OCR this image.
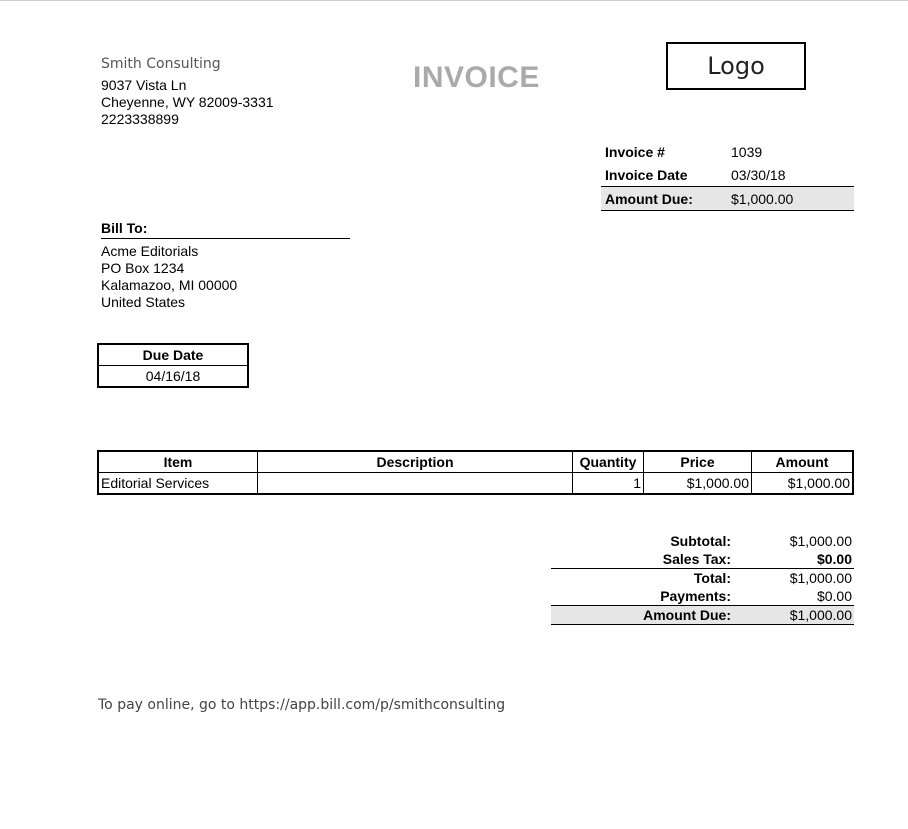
Smith Consulting
9037 Vista Ln
Cheyenne, WY 82009-3331
2223338899
INVOICE	Logo
Invoice #	1039
Invoice Date	03/30/18
Amount Due:	$1,000.00
Bill To:
Acme Editorials
PO Box 1234
Kalamazoo, MI 00000
United States
Due Date
04/16/18
Item	Description	Quantity	Price	Amount
Editorial Services		1	$1,000.00	$1,000.00
Subtotal:	$1,000.00
Sales Tax:	$0.00
Total:	$1,000.00
Payments:	$0.00
Amount Due:	$1,000.00
To pay online, go to https://app.bill.com/p/smithconsulting
